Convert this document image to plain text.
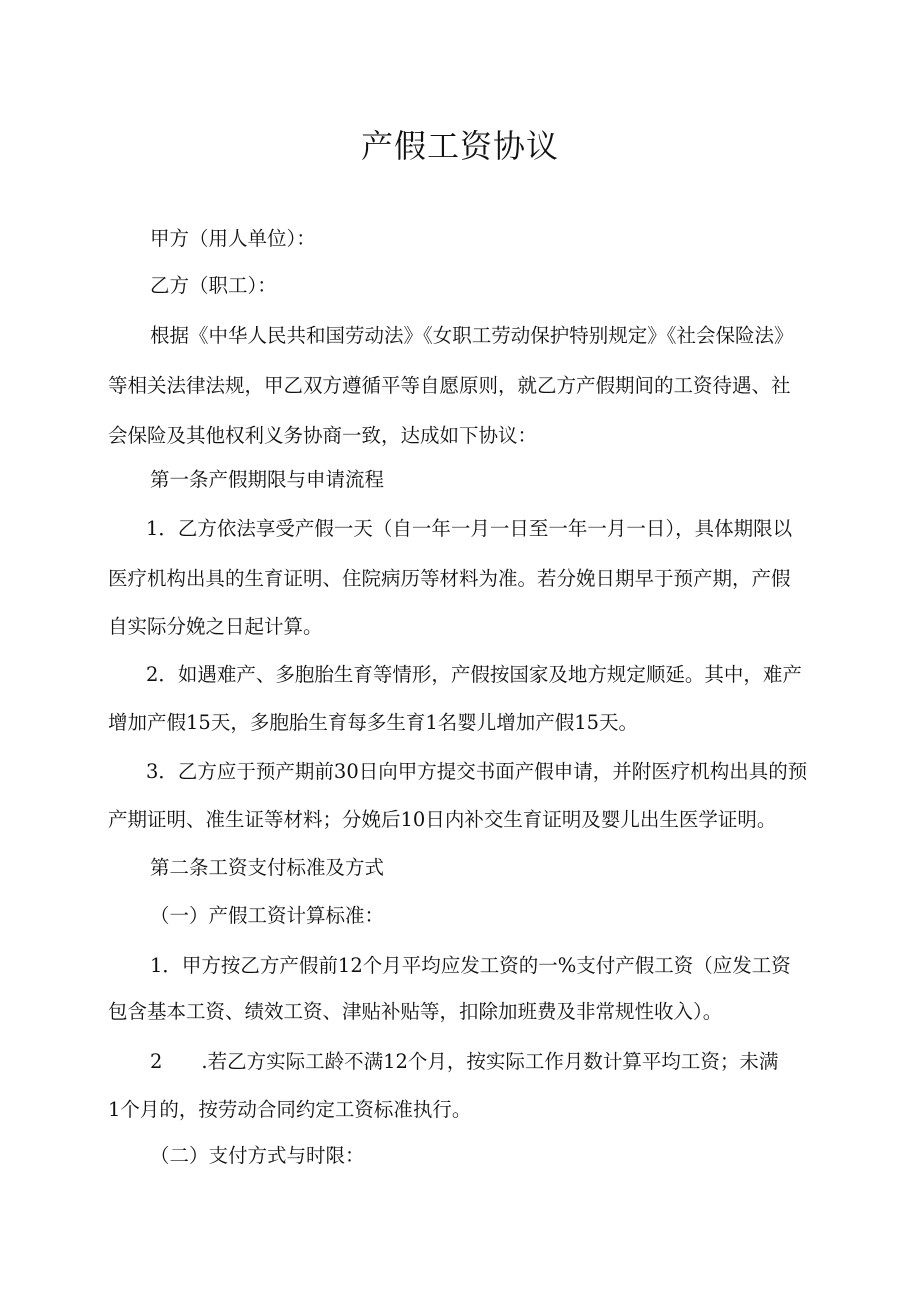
产假工资协议

甲方（用人单位）：

乙方（职工）：

根据《中华人民共和国劳动法》《女职工劳动保护特别规定》《社会保险法》

等相关法律法规，甲乙双方遵循平等自愿原则，就乙方产假期间的工资待遇、社

会保险及其他权利义务协商一致，达成如下协议：

第一条产假期限与申请流程

1．乙方依法享受产假一天（自一年一月一日至一年一月一日），具体期限以

医疗机构出具的生育证明、住院病历等材料为准。若分娩日期早于预产期，产假

自实际分娩之日起计算。

2．如遇难产、多胞胎生育等情形，产假按国家及地方规定顺延。其中，难产

增加产假15天，多胞胎生育每多生育1名婴儿增加产假15天。

3．乙方应于预产期前30日向甲方提交书面产假申请，并附医疗机构出具的预

产期证明、准生证等材料；分娩后10日内补交生育证明及婴儿出生医学证明。

第二条工资支付标准及方式

（一）产假工资计算标准：

1．甲方按乙方产假前12个月平均应发工资的一%支付产假工资（应发工资

包含基本工资、绩效工资、津贴补贴等，扣除加班费及非常规性收入）。

2　　.若乙方实际工龄不满12个月，按实际工作月数计算平均工资；未满

1个月的，按劳动合同约定工资标准执行。

（二）支付方式与时限：
